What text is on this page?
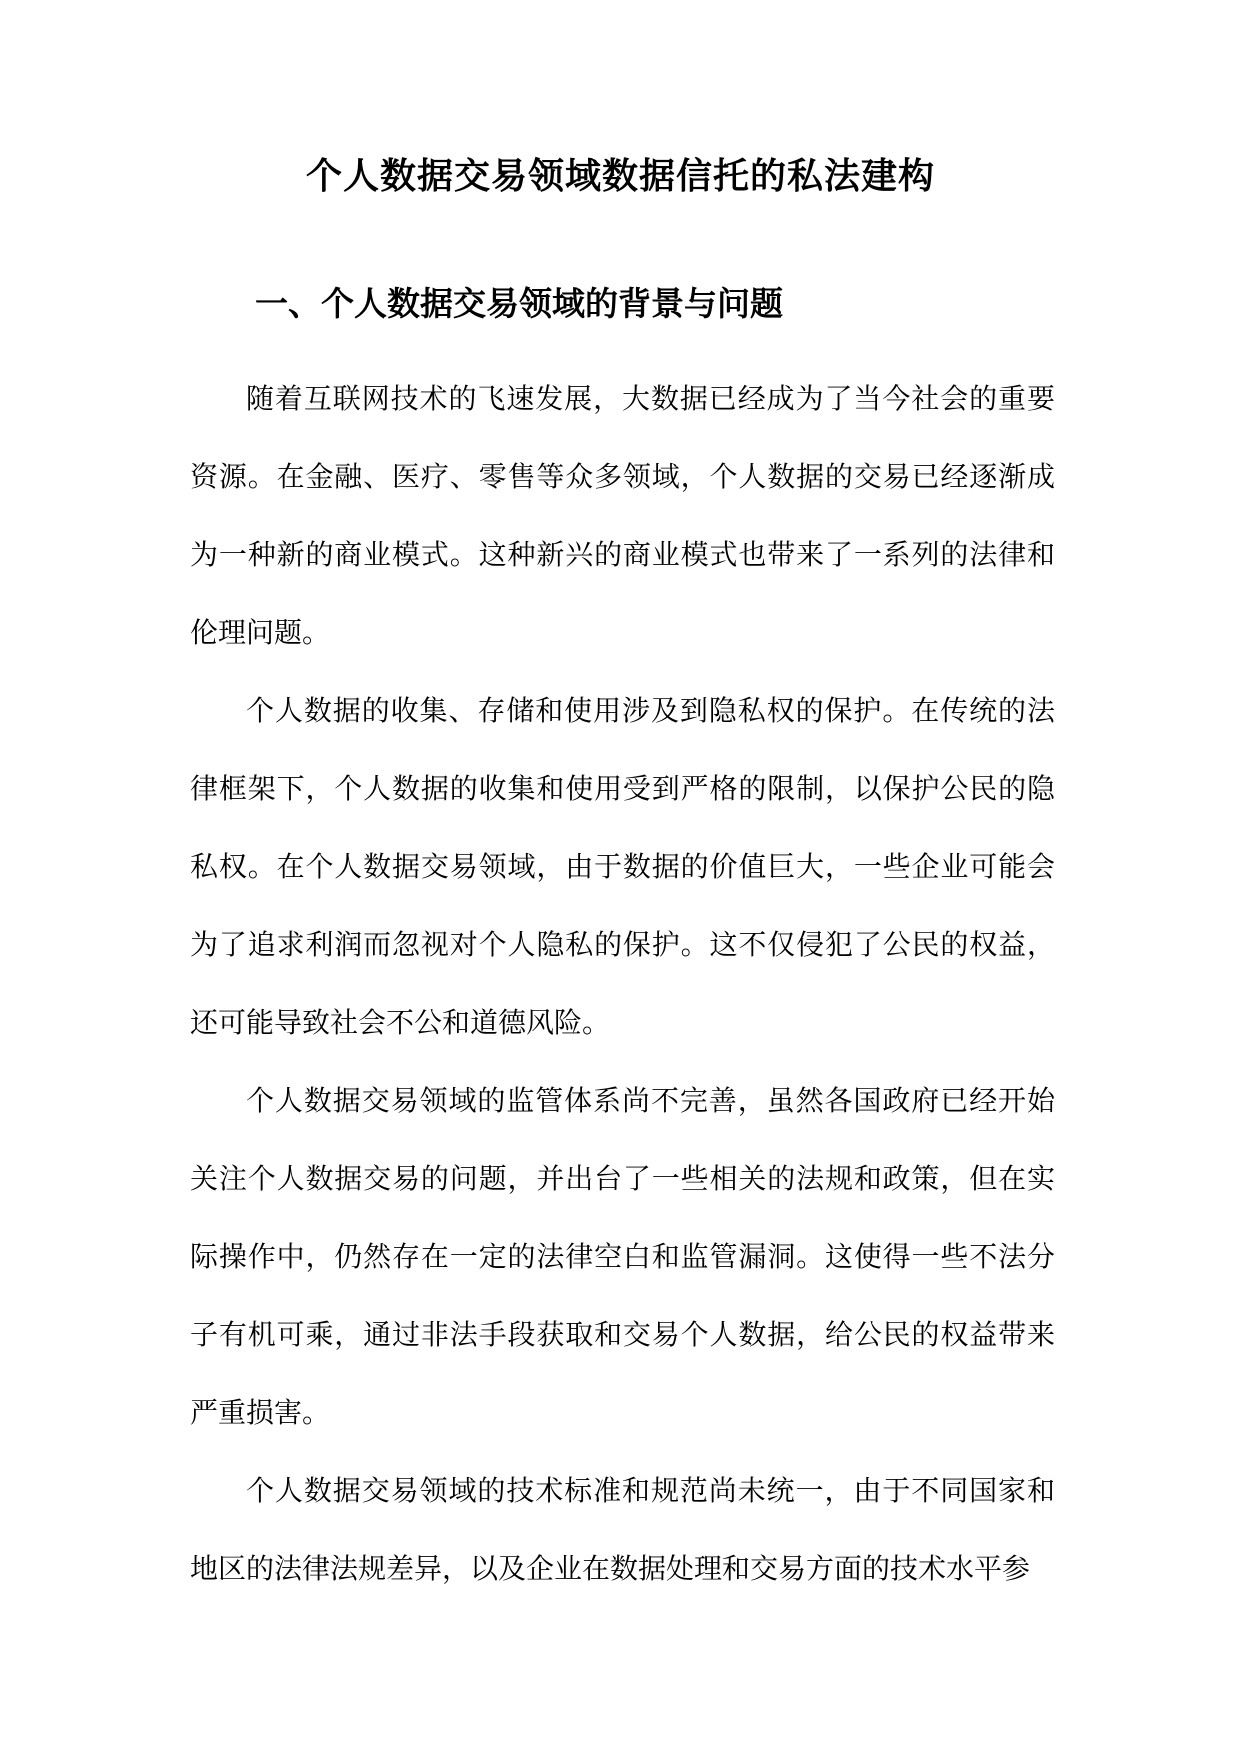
个人数据交易领域数据信托的私法建构
一、个人数据交易领域的背景与问题

随着互联网技术的飞速发展，大数据已经成为了当今社会的重要资源。在金融、医疗、零售等众多领域，个人数据的交易已经逐渐成为一种新的商业模式。这种新兴的商业模式也带来了一系列的法律和伦理问题。

个人数据的收集、存储和使用涉及到隐私权的保护。在传统的法律框架下，个人数据的收集和使用受到严格的限制，以保护公民的隐私权。在个人数据交易领域，由于数据的价值巨大，一些企业可能会为了追求利润而忽视对个人隐私的保护。这不仅侵犯了公民的权益，还可能导致社会不公和道德风险。

个人数据交易领域的监管体系尚不完善，虽然各国政府已经开始关注个人数据交易的问题，并出台了一些相关的法规和政策，但在实际操作中，仍然存在一定的法律空白和监管漏洞。这使得一些不法分子有机可乘，通过非法手段获取和交易个人数据，给公民的权益带来严重损害。

个人数据交易领域的技术标准和规范尚未统一，由于不同国家和地区的法律法规差异，以及企业在数据处理和交易方面的技术水平参
